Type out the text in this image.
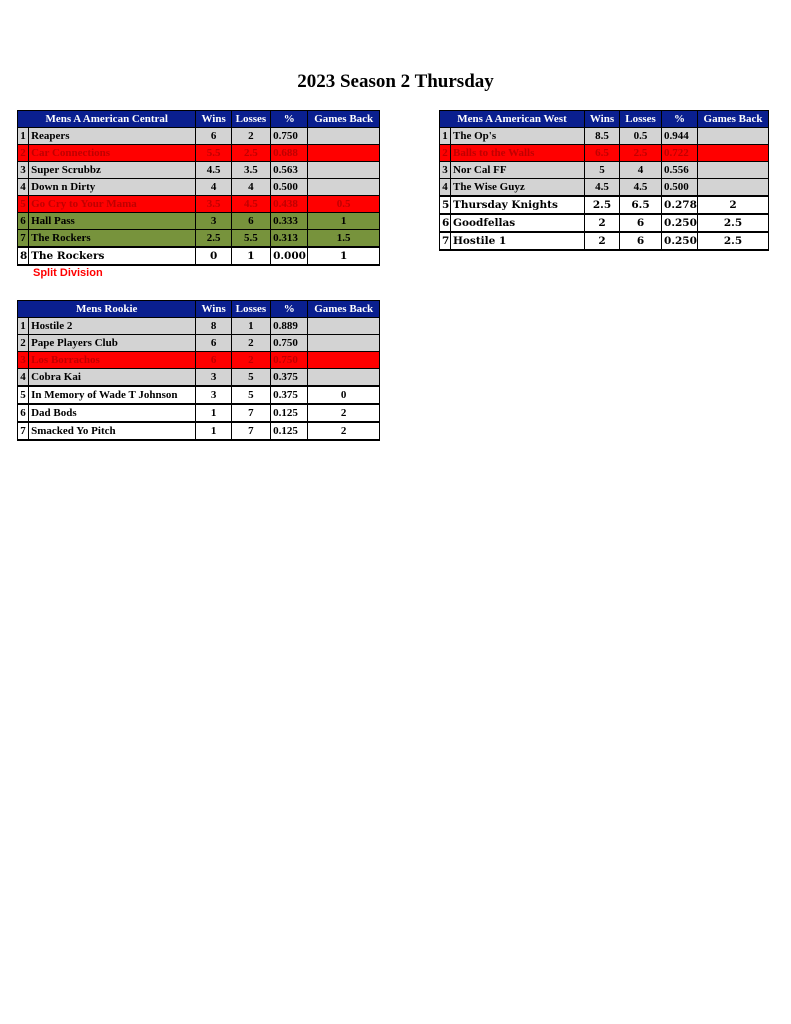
2023 Season 2 Thursday
Mens A American Central		Wins	Losses	%	Games Back
1	Reapers	6	2	0.750	
2	Car Connections	5.5	2.5	0.688	
3	Super Scrubbz	4.5	3.5	0.563	
4	Down n Dirty	4	4	0.500	
5	Go Cry to Your Mama	3.5	4.5	0.438	0.5
6	Hall Pass	3	6	0.333	1
7	The Rockers	2.5	5.5	0.313	1.5
8	The Rockers	0	1	0.000	1
Split Division
Mens A American West		Wins	Losses	%	Games Back
1	The Op's	8.5	0.5	0.944	
2	Balls to the Walls	6.5	2.5	0.722	
3	Nor Cal FF	5	4	0.556	
4	The Wise Guyz	4.5	4.5	0.500	
5	Thursday Knights	2.5	6.5	0.278	2
6	Goodfellas	2	6	0.250	2.5
7	Hostile 1	2	6	0.250	2.5
Mens Rookie		Wins	Losses	%	Games Back
1	Hostile 2	8	1	0.889	
2	Pape Players Club	6	2	0.750	
3	Los Borrachos	6	2	0.750	
4	Cobra Kai	3	5	0.375	
5	In Memory of Wade T Johnson	3	5	0.375	0
6	Dad Bods	1	7	0.125	2
7	Smacked Yo Pitch	1	7	0.125	2
